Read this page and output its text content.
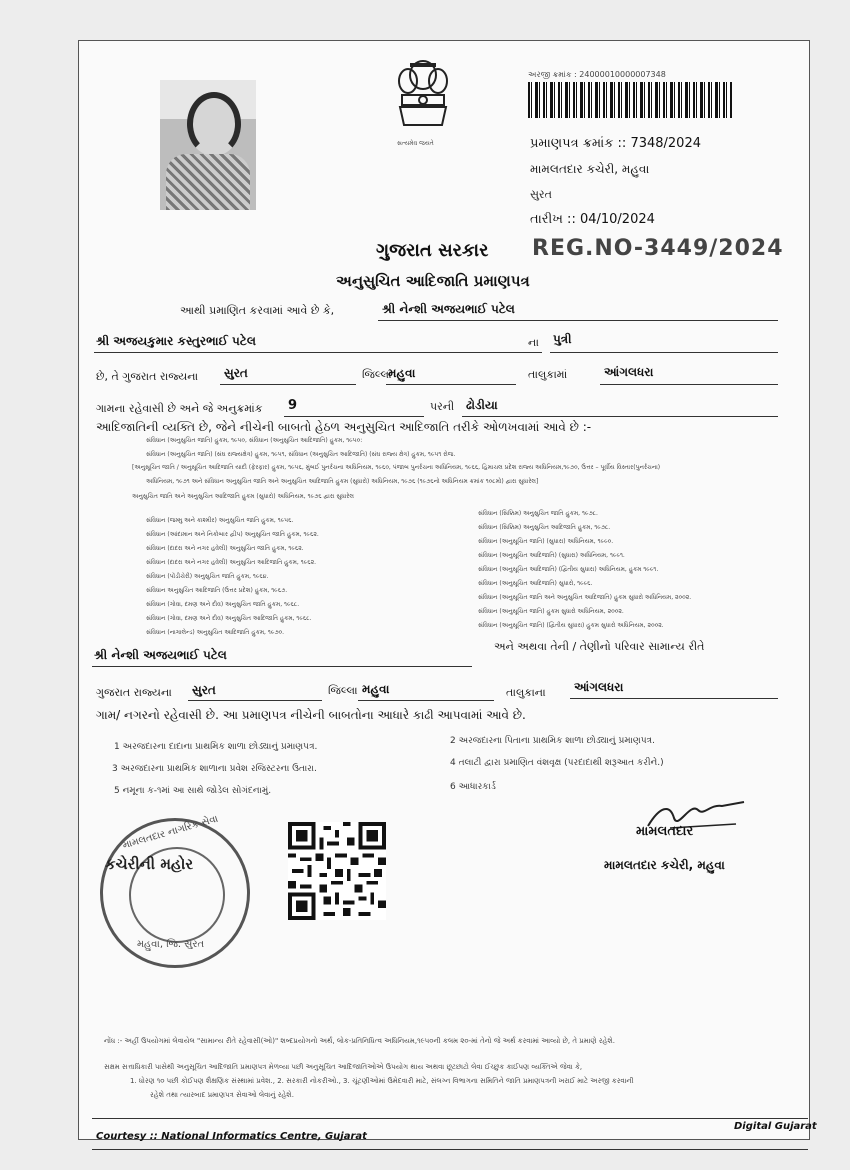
સત્યમેવ જયતે
અરજી ક્રમાંક : 24000010000007348
પ્રમાણપત્ર ક્રમાંક :: 7348/2024
મામલતદાર કચેરી, મહુવા
સુરત
તારીખ :: 04/10/2024
REG.NO-3449/2024
ગુજરાત સરકાર
અનુસુચિત આદિજાતિ પ્રમાણપત્ર
આથી પ્રમાણિત કરવામાં આવે છે કે,	શ્રી નેન્શી અજયભાઈ પટેલ
શ્રી અજયકુમાર કસ્તુરભાઈ પટેલ	ના પુત્રી
છે, તે ગુજરાત રાજ્યના સુરત	જિલ્લા
મહુવા	તાલુકામાં	આંગલધરા
ગામના રહેવાસી છે અને જે અનુક્રમાંક 9	પરની ઢોડીયા
આદિજાતિની વ્યક્તિ છે, જેને નીચેની બાબતો હેઠળ અનુસુચિત આદિજાતિ તરીકે ઓળખવામાં આવે છે :-
સંવિધાન (અનુસુચિત જાતિ) હુકમ, ૧૯૫૦, સંવિધાન (અનુસુચિત આદિજાતિ) હુકમ, ૧૯૫૦:
સંવિધાન (અનુસુચિત જાતિ) (સંઘ રાજ્યક્ષેત્ર) હુકમ, ૧૯૫૧, સંવિધાન (અનુસુચિત આદિજાતિ) (સંઘ રાજ્ય ક્ષેત્ર) હુકમ, ૧૯૫૧ રોજ.
[અનુસૂચિત જાતિ / અનુસૂચિત આદિજાતિ યાદી (ફેરફાર) હુકમ, ૧૯૫૬, મુંબઈ પુનર્રચના અધિનિયમ, ૧૯૬૦, પંજાબ પુનર્રચના અધિનિયમ, ૧૯૬૬, હિમાચલ પ્રદેશ રાજ્ય અધિનિયમ,૧૯૭૦, ઉત્તર – પૂર્વીય વિસ્તાર(પુનર્રચના)
અધિનિયમ, ૧૯૭૧ અને સંવિધાન અનુસુચિત જાતિ અને અનુસુચિત આદિજાતિ હુકમ (સુધારો) અધિનિયમ, ૧૯૭૬ (૧૯૭૬નો અધિનિયમ ક્રમાંક ૧૦૮મો) દ્વારા સુધારેલ]
અનુસુચિત જાતિ અને અનુસુચિત આદિજાતિ હુકમ (સુધારો) અધિનિયમ, ૧૯૭૬ દ્વારા સુધારેલ
સંવિધાન (જમ્મુ અને કાશ્મીર) અનુસુચિત જાતિ હુકમ, ૧૯૫૬.
સંવિધાન (આંદામાન અને નિકોબાર દ્વીપ) અનુસુચિત જાતિ હુકમ, ૧૯૬૨.
સંવિધાન (દાદરા અને નગર હવેલી) અનુસુચિત જાતિ હુકમ, ૧૯૬૨.
સંવિધાન (દાદરા અને નગર હવેલી) અનુસુચિત આદિજાતિ હુકમ, ૧૯૬૨.
સંવિધાન (પોંડીચેરી) અનુસુચિત જાતિ હુકમ, ૧૯૬૪.
સંવિધાન અનુસુચિત આદિજાતિ (ઉત્તર પ્રદેશ) હુકમ, ૧૯૬૭.
સંવિધાન (ગોવા, દમણ અને દીવ) અનુસુચિત જાતિ હુકમ, ૧૯૬૮.
સંવિધાન (ગોવા, દમણ અને દીવ) અનુસુચિત આદિજાતિ હુકમ, ૧૯૬૮.
સંવિધાન (નાગાલેન્ડ) અનુસુચિત આદિજાતિ હુકમ, ૧૯૭૦.
સંવિધાન (સિક્કિમ) અનુસુચિત જાતિ હુકમ, ૧૯૭૮.
સંવિધાન (સિક્કિમ) અનુસુચિત આદિજાતિ હુકમ, ૧૯૭૮.
સંવિધાન (અનુસૂચિત જાતિ) (સુધારા) અધિનિયમ, ૧૯૯૦.
સંવિધાન (અનુસૂચિત આદિજાતિ) (સુધારા) અધિનિયમ, ૧૯૯૧.
સંવિધાન (અનુસૂચિત આદિજાતિ) (દ્વિતીય સુધારા) અધિનિયમ, હુકમ ૧૯૯૧.
સંવિધાન (અનુસૂચિત આદિજાતિ) સુધારો, ૧૯૯૬.
સંવિધાન (અનુસૂચિત જાતિ અને અનુસુચિત આદિજાતિ) હુકમ સુધારો અધિનિયમ, ૨૦૦૨.
સંવિધાન (અનુસૂચિત જાતિ) હુકમ સુધારો અધિનિયમ, ૨૦૦૨.
સંવિધાન (અનુસૂચિત જાતિ) (દ્વિતીય સુધારા) હુકમ સુધારો અધિનિયમ, ૨૦૦૨.
શ્રી નેન્શી અજયભાઈ પટેલ
અને અથવા તેની / તેણીનો પરિવાર સામાન્ય રીતે
ગુજરાત રાજ્યના સુરત	જિલ્લા મહુવા	તાલુકાના આંગલધરા
ગામ/ નગરનો રહેવાસી છે. આ પ્રમાણપત્ર નીચેની બાબતોના આધારે કાઢી આપવામાં આવે છે.
1 અરજદારના દાદાના પ્રાથમિક શાળા છોડ્યાનું પ્રમાણપત્ર.
2 અરજદારના પિતાના પ્રાથમિક શાળા છોડ્યાનું પ્રમાણપત્ર.
3 અરજદારના પ્રાથમિક શાળાના પ્રવેશ રજિસ્ટરના ઉતારા.
4 તલાટી દ્વારા પ્રમાણિત વંશવૃક્ષ (પરદાદાથી શરૂઆત કરીને.)
5 નમૂના ક-૧માં આ સાથે જોડેલ સોગંદનામું.	6 આધારકાર્ડ
મામલતદાર નાગરિક સેવા
કચેરીની મહોર
મહુવા, જિ. સુરત
મામલતદાર
મામલતદાર કચેરી, મહુવા
નોંધ :- અહીં ઉપયોગમાં લેવાયેલ "સામાન્ય રીતે રહેવાસી(ઓ)" શબ્દપ્રયોગનો અર્થ, લોક-પ્રતિનિધિત્વ અધિનિયમ,૧૯૫૦ની કલમ ૨૦-માં તેનો જે અર્થ કરવામાં આવ્યો છે, તે પ્રમાણે રહેશે.
સક્ષમ સત્તાધિકારી પાસેથી અનુસૂચિત આદિજાતિ પ્રમાણપત્ર મેળવ્યા પછી અનુસૂચિત આદિજાતિઓએ ઉપયોગ થાય અથવા છૂટછાટો લેવા ઈચ્છુક કાઈપણ વ્યક્તિએ જેવા કે,
1. ધોરણ ૧૦ પછી કોઈપણ શૈક્ષણિક સંસ્થામાં પ્રવેશ., 2. સરકારી નોકરીઓ., 3. ચૂંટણીઓમાં ઉમેદવારી માટે, સંલગ્ન વિભાગના સમિતિને જાતિ પ્રમાણપત્રની ખરાઈ માટે અરજી કરવાની
રહેશે તથા ત્યારબાદ પ્રમાણપત્ર સેવાઓ લેવાનું રહેશે.
Courtesy :: National Informatics Centre, Gujarat
Digital Gujarat
